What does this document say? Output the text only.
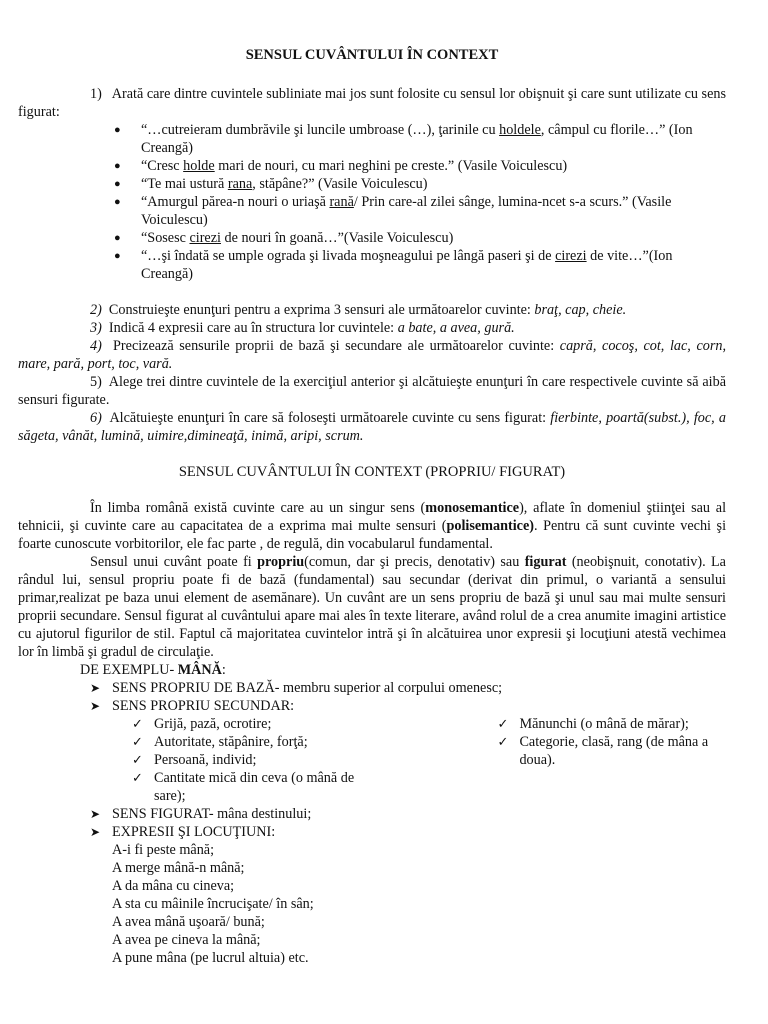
SENSUL CUVÂNTULUI ÎN CONTEXT

1) Arată care dintre cuvintele subliniate mai jos sunt folosite cu sensul lor obişnuit şi care sunt utilizate cu sens figurat:

●	“…cutreieram dumbrăvile şi luncile umbroase (…), ţarinile cu holdele, câmpul cu florile…” (Ion Creangă)
●	“Cresc holde mari de nouri, cu mari neghini pe creste.” (Vasile Voiculescu)
●	“Te mai ustură rana, stăpâne?” (Vasile Voiculescu)
●	“Amurgul părea-n nouri o uriaşă rană/ Prin care-al zilei sânge, lumina-ncet s-a scurs.” (Vasile Voiculescu)
●	“Sosesc cirezi de nouri în goană…”(Vasile Voiculescu)
●	“…şi îndată se umple ograda şi livada moşneagului pe lângă paseri şi de cirezi de vite…”(Ion Creangă)

2) Construieşte enunţuri pentru a exprima 3 sensuri ale următoarelor cuvinte: braţ, cap, cheie.

3) Indică 4 expresii care au în structura lor cuvintele: a bate, a avea, gură.

4) Precizează sensurile proprii de bază şi secundare ale următoarelor cuvinte: capră, cocoş, cot, lac, corn, mare, pară, port, toc, vară.

5) Alege trei dintre cuvintele de la exerciţiul anterior şi alcătuieşte enunţuri în care respectivele cuvinte să aibă sensuri figurate.

6) Alcătuieşte enunţuri în care să foloseşti următoarele cuvinte cu sens figurat: fierbinte, poartă(subst.), foc, a săgeta, vânăt, lumină, uimire,dimineaţă, inimă, aripi, scrum.

SENSUL CUVÂNTULUI ÎN CONTEXT (PROPRIU/ FIGURAT)

În limba română există cuvinte care au un singur sens (monosemantice), aflate în domeniul ştiinţei sau al tehnicii, şi cuvinte care au capacitatea de a exprima mai multe sensuri (polisemantice). Pentru că sunt cuvinte vechi şi foarte cunoscute vorbitorilor, ele fac parte , de regulă, din vocabularul fundamental.

Sensul unui cuvânt poate fi propriu(comun, dar şi precis, denotativ) sau figurat (neobişnuit, conotativ). La rândul lui, sensul propriu poate fi de bază (fundamental) sau secundar (derivat din primul, o variantă a sensului primar,realizat pe baza unui element de asemănare). Un cuvânt are un sens propriu de bază şi unul sau mai multe sensuri proprii secundare. Sensul figurat al cuvântului apare mai ales în texte literare, având rolul de a crea anumite imagini artistice cu ajutorul figurilor de stil. Faptul că majoritatea cuvintelor intră şi în alcătuirea unor expresii şi locuţiuni atestă vechimea lor în limbă şi gradul de circulaţie.

DE EXEMPLU- MÂNĂ:
➤ SENS PROPRIU DE BAZĂ- membru superior al corpului omenesc;
➤ SENS PROPRIU SECUNDAR:
✓ Grijă, pază, ocrotire;
✓ Autoritate, stăpânire, forţă;
✓ Persoană, individ;
✓ Cantitate mică din ceva (o mână de sare);
✓ Mănunchi (o mână de mărar);
✓ Categorie, clasă, rang (de mâna a doua).
➤ SENS FIGURAT- mâna destinului;
➤ EXPRESII ŞI LOCUŢIUNI:
A-i fi peste mână;
A merge mână-n mână;
A da mâna cu cineva;
A sta cu mâinile încrucişate/ în sân;
A avea mână uşoară/ bună;
A avea pe cineva la mână;
A pune mâna (pe lucrul altuia) etc.
